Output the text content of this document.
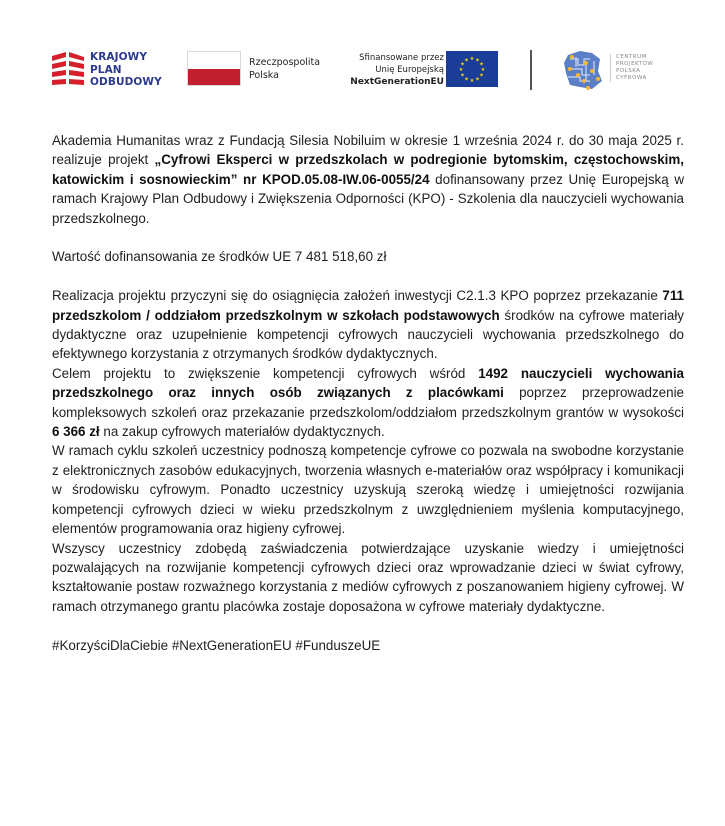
KRAJOWY
PLAN
ODBUDOWY
Rzeczpospolita
Polska
Sfinansowane przez
Unię Europejską
NextGenerationEU
★ ★
★
★
★
★
★
★
★
★
★
★
CENTRUM
PROJEKTÓW
POLSKA
CYFROWA

Akademia Humanitas wraz z Fundacją Silesia Nobiluim w okresie 1 września 2024 r. do 30 maja 2025 r. realizuje projekt „Cyfrowi Eksperci w przedszkolach w podregionie bytomskim, częstochowskim, katowickim i sosnowieckim” nr KPOD.05.08-IW.06-0055/24 dofinansowany przez Unię Europejską w ramach Krajowy Plan Odbudowy i Zwiększenia Odporności (KPO) - Szkolenia dla nauczycieli wychowania przedszkolnego.

Wartość dofinansowania ze środków UE 7 481 518,60 zł

Realizacja projektu przyczyni się do osiągnięcia założeń inwestycji C2.1.3 KPO poprzez przekazanie 711 przedszkolom / oddziałom przedszkolnym w szkołach podstawowych środków na cyfrowe materiały dydaktyczne oraz uzupełnienie kompetencji cyfrowych nauczycieli wychowania przedszkolnego do efektywnego korzystania z otrzymanych środków dydaktycznych.

Celem projektu to zwiększenie kompetencji cyfrowych wśród 1492 nauczycieli wychowania przedszkolnego oraz innych osób związanych z placówkami poprzez przeprowadzenie kompleksowych szkoleń oraz przekazanie przedszkolom/oddziałom przedszkolnym grantów w wysokości 6 366 zł na zakup cyfrowych materiałów dydaktycznych.

W ramach cyklu szkoleń uczestnicy podnoszą kompetencje cyfrowe co pozwala na swobodne korzystanie z elektronicznych zasobów edukacyjnych, tworzenia własnych e-materiałów oraz współpracy i komunikacji w środowisku cyfrowym. Ponadto uczestnicy uzyskują szeroką wiedzę i umiejętności rozwijania kompetencji cyfrowych dzieci w wieku przedszkolnym z uwzględnieniem myślenia komputacyjnego, elementów programowania oraz higieny cyfrowej.

Wszyscy uczestnicy zdobędą zaświadczenia potwierdzające uzyskanie wiedzy i umiejętności pozwalających na rozwijanie kompetencji cyfrowych dzieci oraz wprowadzanie dzieci w świat cyfrowy, kształtowanie postaw rozważnego korzystania z mediów cyfrowych z poszanowaniem higieny cyfrowej. W ramach otrzymanego grantu placówka zostaje doposażona w cyfrowe materiały dydaktyczne.

#KorzyściDlaCiebie #NextGenerationEU #FunduszeUE
